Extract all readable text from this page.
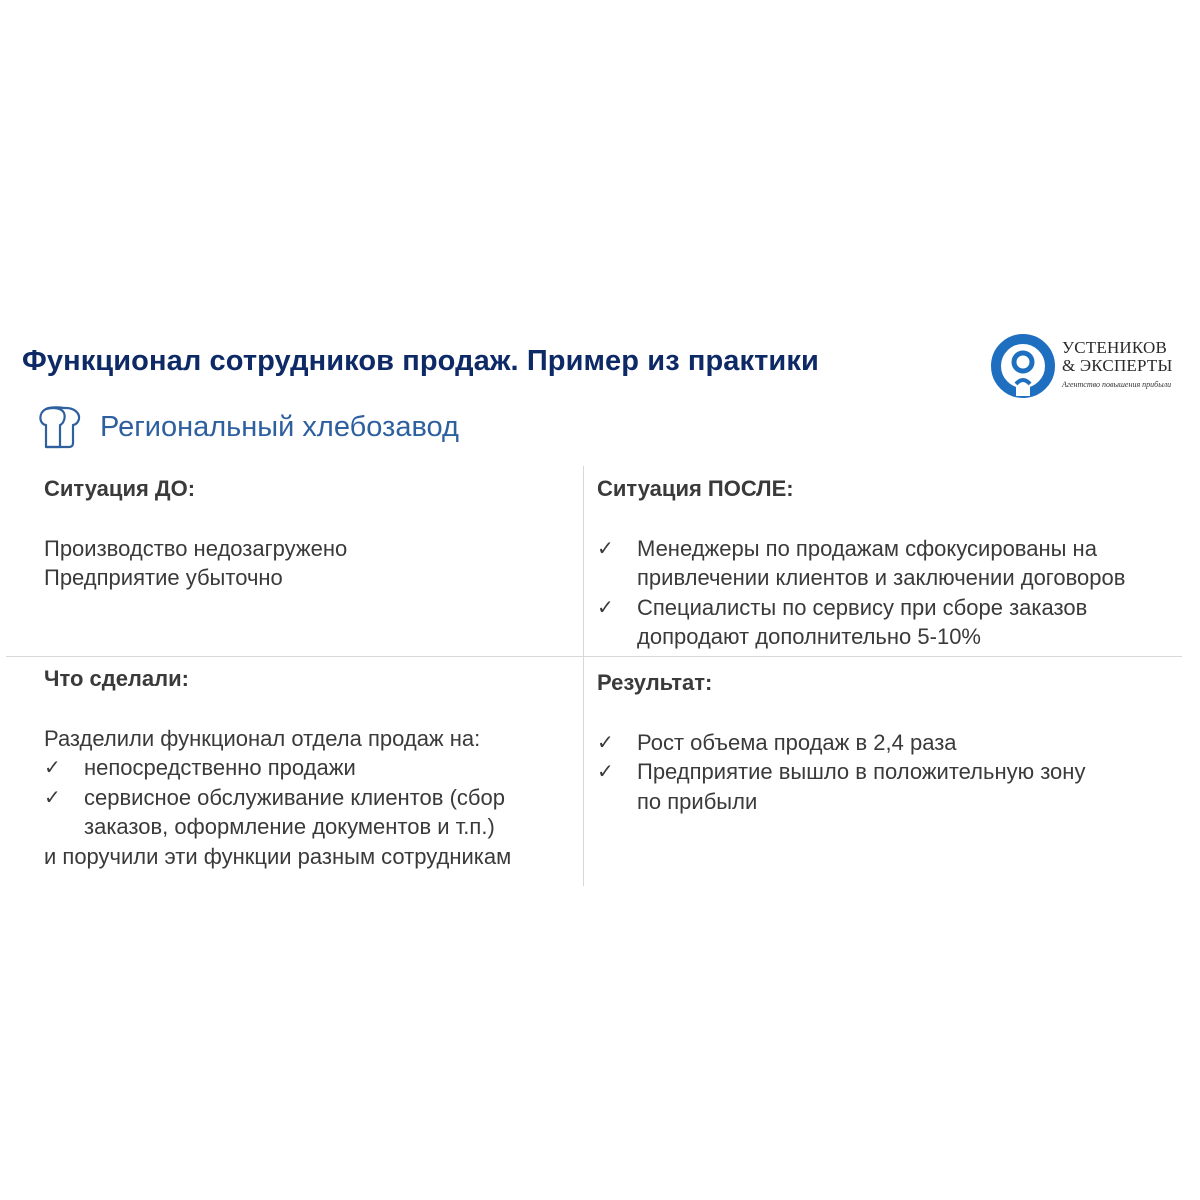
Функционал сотрудников продаж. Пример из практики	УСТЕНИКОВ
& ЭКСПЕРТЫ
Агентство повышения прибыли
Региональный хлебозавод
Ситуация ДО:
Производство недозагружено
Предприятие убыточно
Ситуация ПОСЛЕ:
✓ Менеджеры по продажам сфокусированы на
привлечении клиентов и заключении договоров
✓ Специалисты по сервису при сборе заказов
допродают дополнительно 5-10%
Что сделали:
Разделили функционал отдела продаж на:
✓ непосредственно продажи
✓ сервисное обслуживание клиентов (сбор
заказов, оформление документов и т.п.)
и поручили эти функции разным сотрудникам
Результат:
✓ Рост объема продаж в 2,4 раза
✓ Предприятие вышло в положительную зону
по прибыли
